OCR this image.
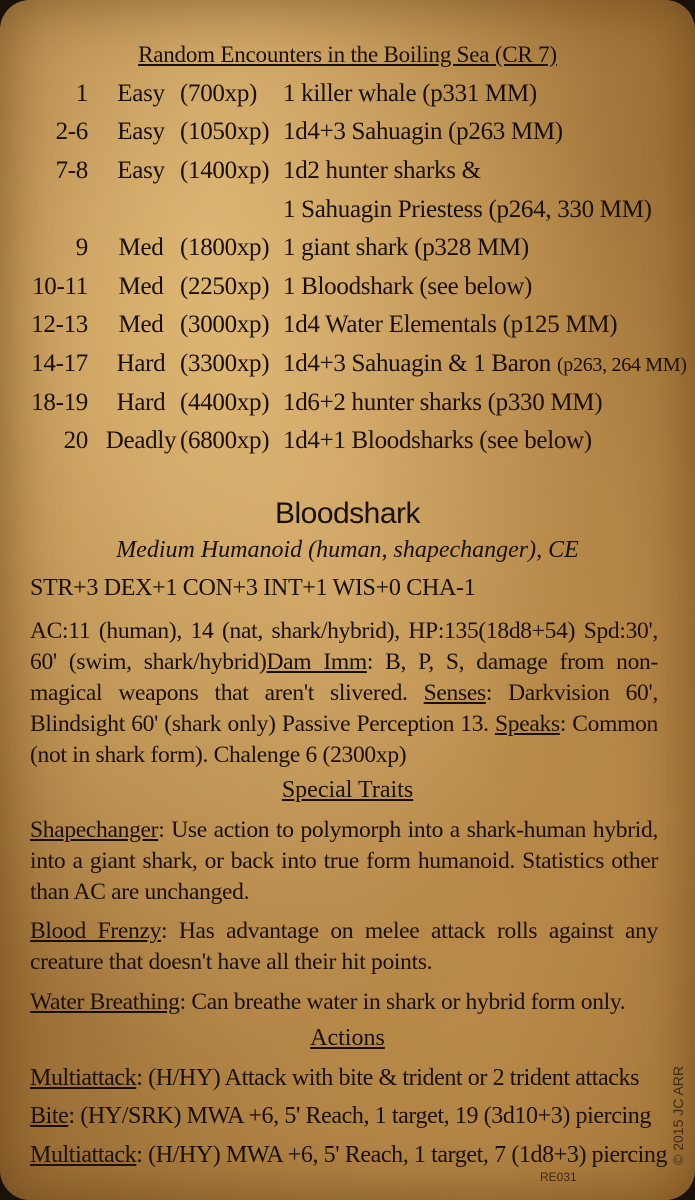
Random Encounters in the Boiling Sea (CR 7)
1	Easy (700xp) 1 killer whale (p331 MM)
2-6	Easy (1050xp) 1d4+3 Sahuagin (p263 MM)
7-8	Easy (1400xp) 1d2 hunter sharks &
1 Sahuagin Priestess (p264, 330 MM)
9	Med (1800xp) 1 giant shark (p328 MM)
10-11	Med (2250xp) 1 Bloodshark (see below)
12-13	Med (3000xp) 1d4 Water Elementals (p125 MM)
14-17	Hard (3300xp) 1d4+3 Sahuagin & 1 Baron (p263, 264 MM)
18-19	Hard (4400xp) 1d6+2 hunter sharks (p330 MM)
20 Deadly (6800xp) 1d4+1 Bloodsharks (see below)
Bloodshark
Medium Humanoid (human, shapechanger), CE
STR+3 DEX+1 CON+3 INT+1 WIS+0 CHA-1
AC:11 (human), 14 (nat, shark/hybrid), HP:135(18d8+54) Spd:30', 60' (swim, shark/hybrid)Dam Imm: B, P, S, damage from non-magical weapons that aren't slivered. Senses: Darkvision 60', Blindsight 60' (shark only) Passive Perception 13. Speaks: Common (not in shark form). Chalenge 6 (2300xp)
Special Traits
Shapechanger: Use action to polymorph into a shark-human hybrid, into a giant shark, or back into true form humanoid. Statistics other than AC are unchanged.
Blood Frenzy: Has advantage on melee attack rolls against any creature that doesn't have all their hit points.
Water Breathing: Can breathe water in shark or hybrid form only.
Actions
Multiattack: (H/HY) Attack with bite & trident or 2 trident attacks
Bite: (HY/SRK) MWA +6, 5' Reach, 1 target, 19 (3d10+3) piercing
Multiattack: (H/HY) MWA +6, 5' Reach, 1 target, 7 (1d8+3) piercing © 2015 JC ARR
RE031
